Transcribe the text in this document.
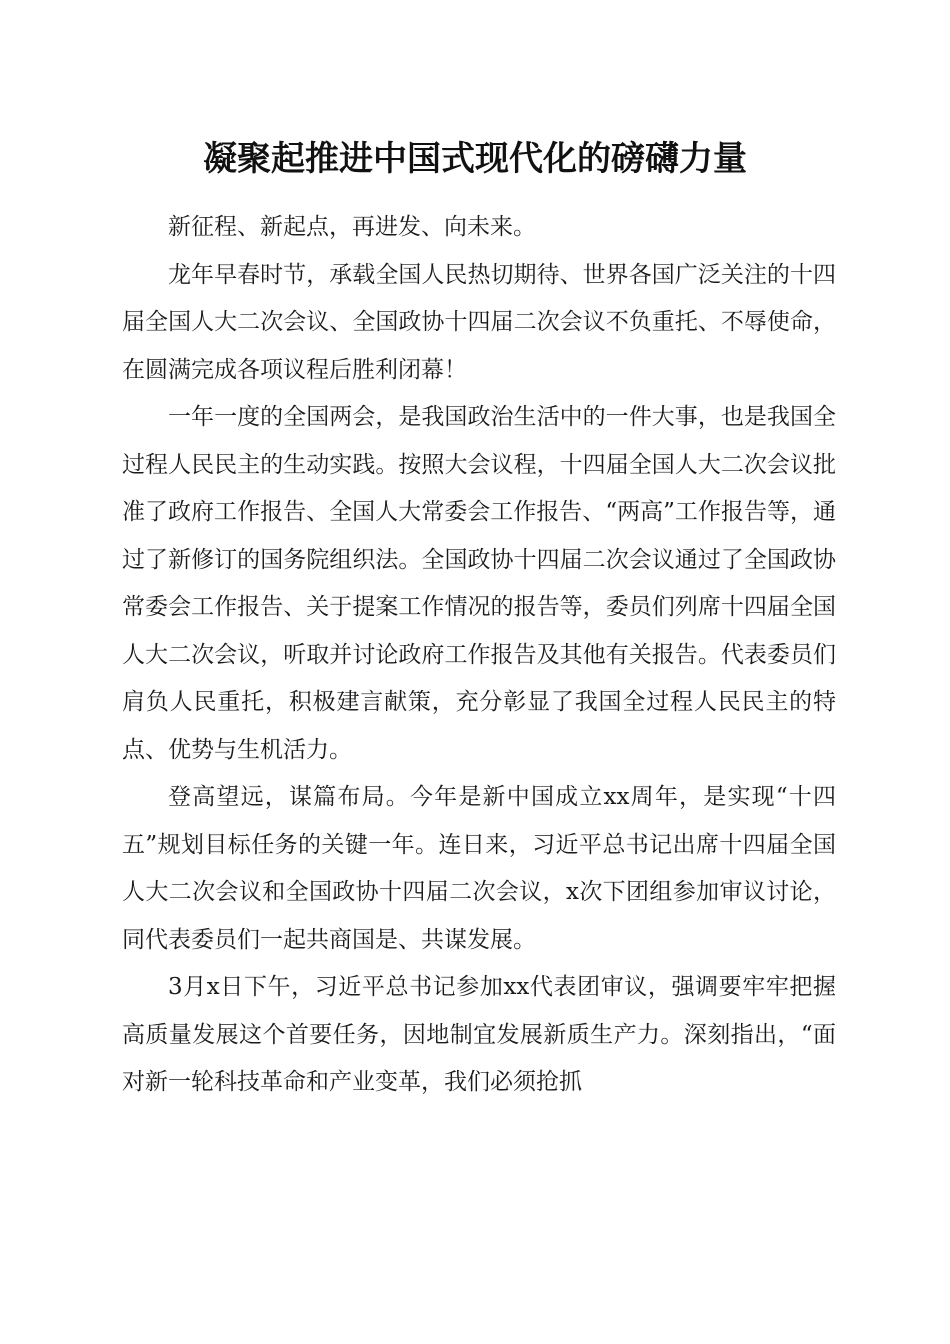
凝聚起推进中国式现代化的磅礴力量

新征程、新起点，再进发、向未来。

龙年早春时节，承载全国人民热切期待、世界各国广泛关注的十四届全国人大二次会议、全国政协十四届二次会议不负重托、不辱使命，在圆满完成各项议程后胜利闭幕！

一年一度的全国两会，是我国政治生活中的一件大事，也是我国全过程人民民主的生动实践。按照大会议程，十四届全国人大二次会议批准了政府工作报告、全国人大常委会工作报告、“两高”工作报告等，通过了新修订的国务院组织法。全国政协十四届二次会议通过了全国政协常委会工作报告、关于提案工作情况的报告等，委员们列席十四届全国人大二次会议，听取并讨论政府工作报告及其他有关报告。代表委员们肩负人民重托，积极建言献策，充分彰显了我国全过程人民民主的特点、优势与生机活力。

登高望远，谋篇布局。今年是新中国成立xx周年，是实现“十四五”规划目标任务的关键一年。连日来，习近平总书记出席十四届全国人大二次会议和全国政协十四届二次会议，x次下团组参加审议讨论，同代表委员们一起共商国是、共谋发展。

3月x日下午，习近平总书记参加xx代表团审议，强调要牢牢把握高质量发展这个首要任务，因地制宜发展新质生产力。深刻指出，“面对新一轮科技革命和产业变革，我们必须抢抓
